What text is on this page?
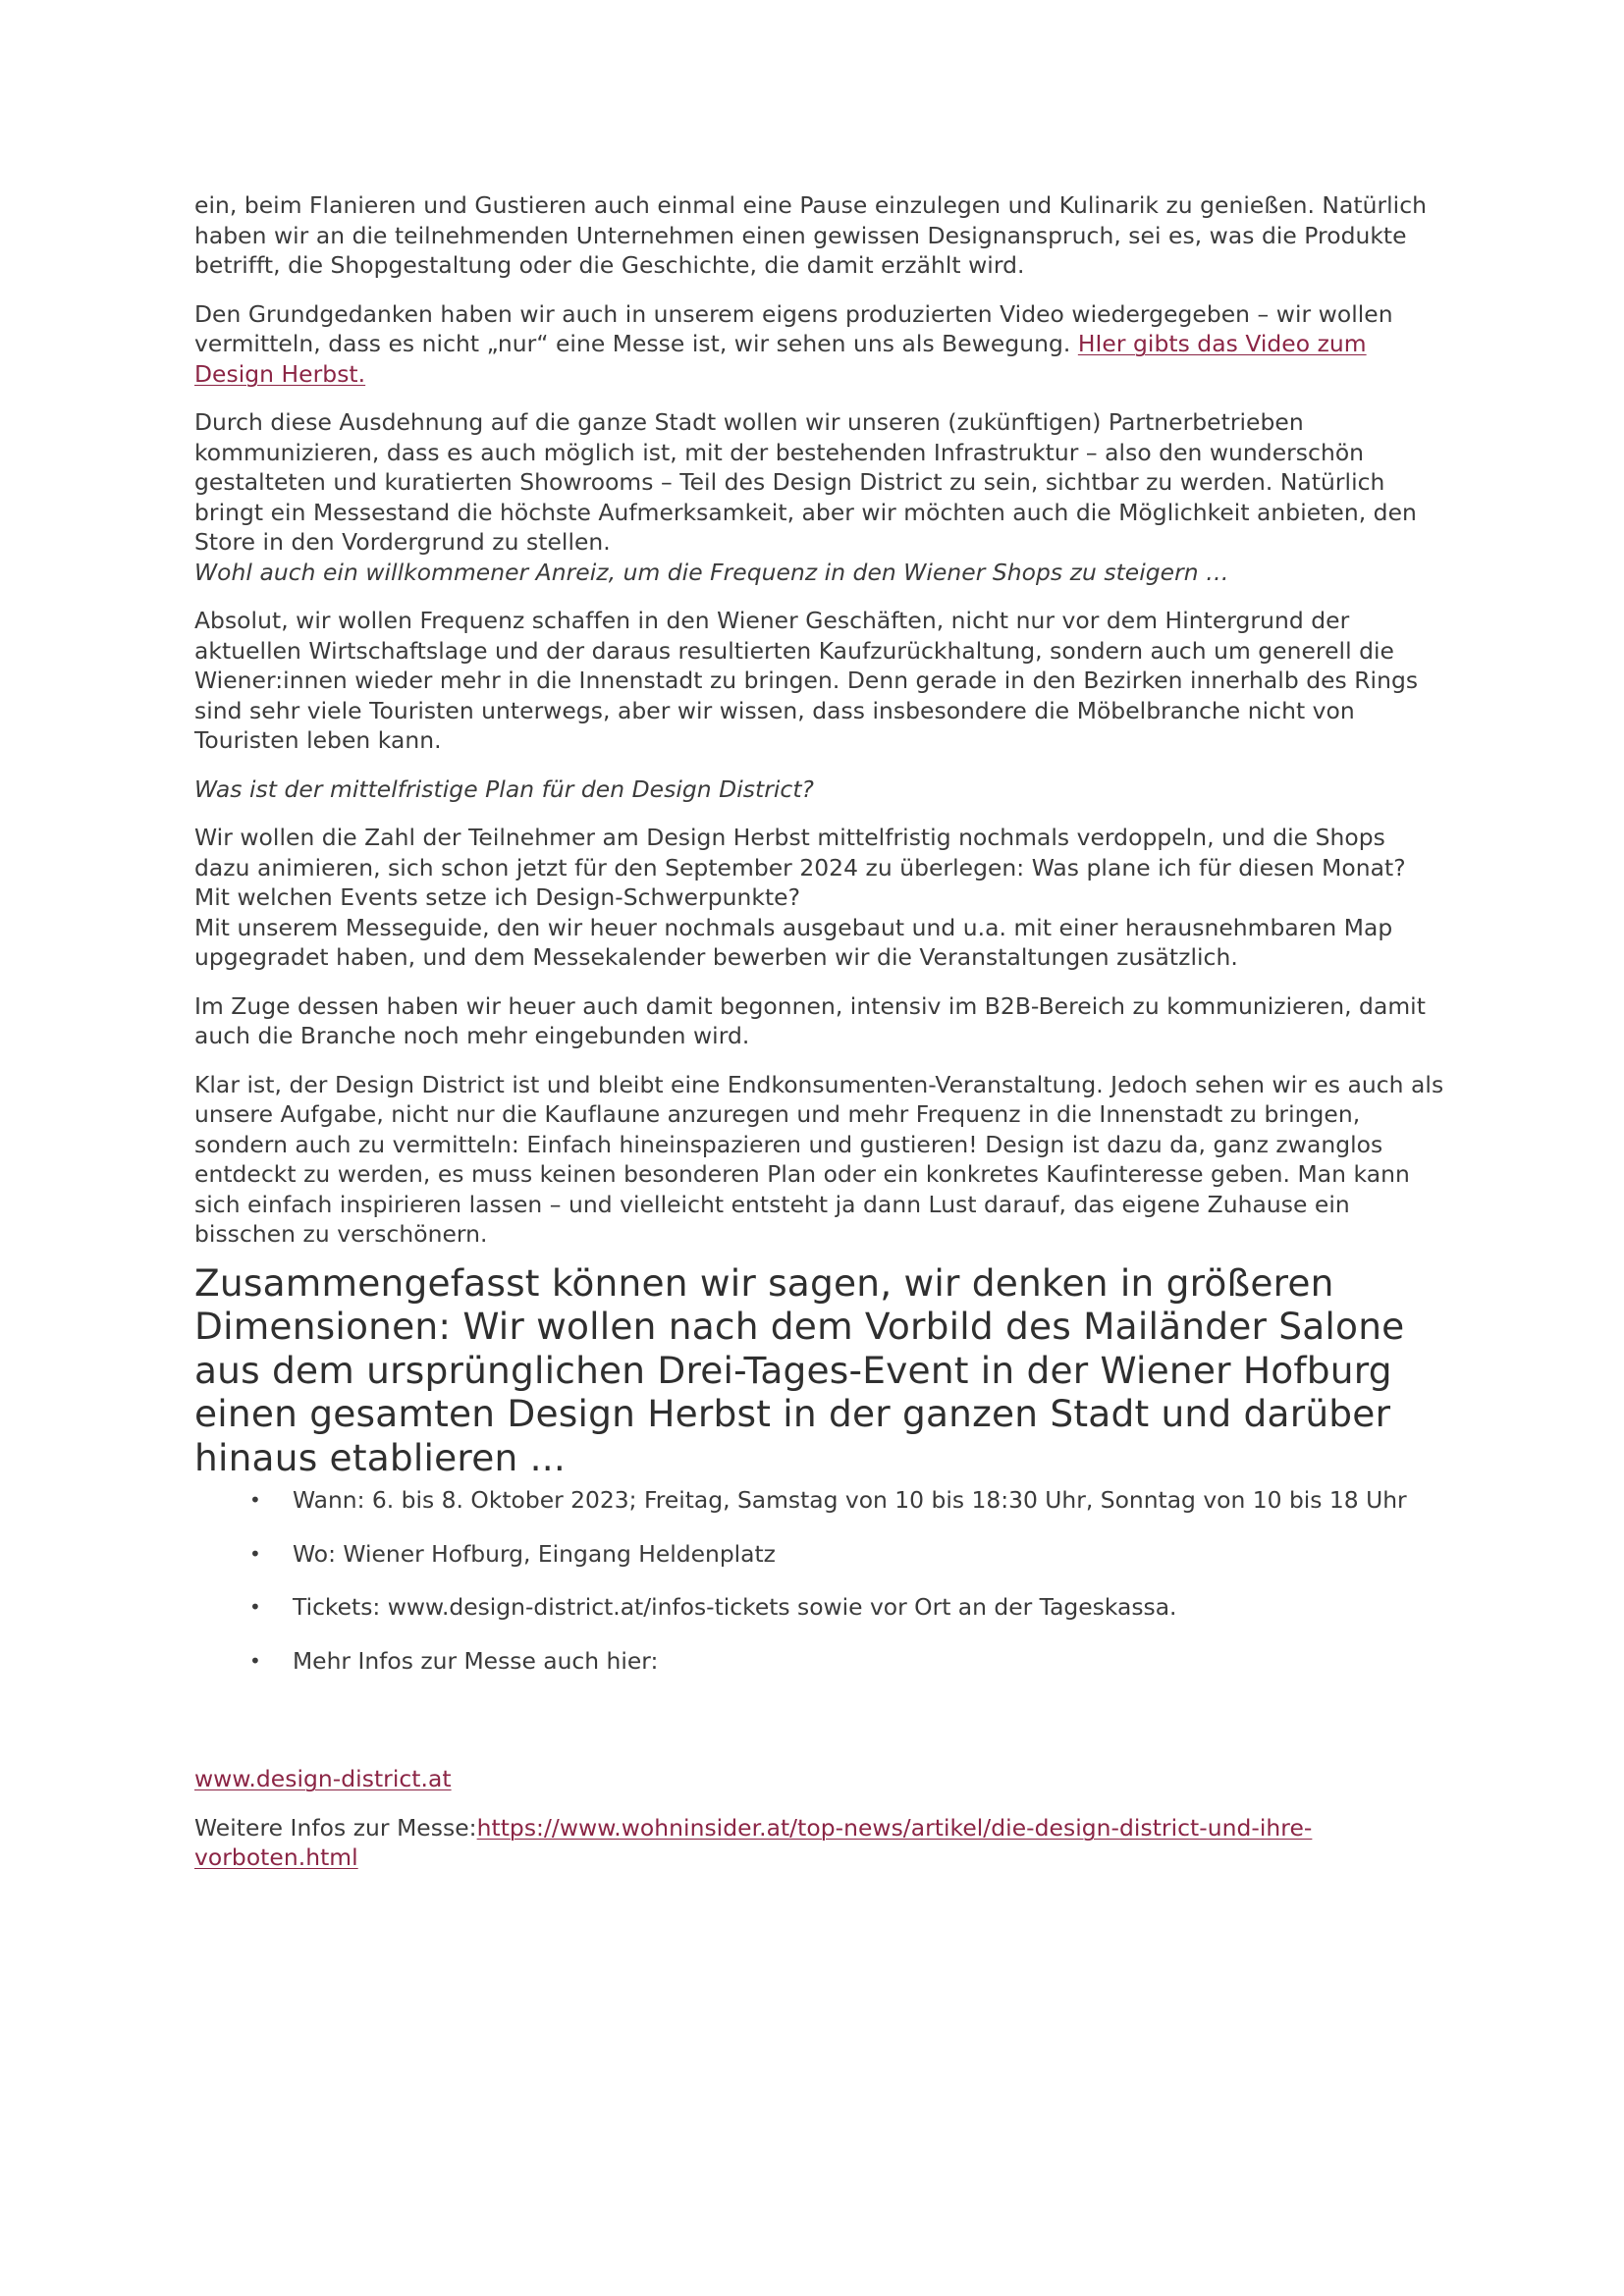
ein, beim Flanieren und Gustieren auch einmal eine Pause einzulegen und Kulinarik zu genießen. Natürlich haben wir an die teilnehmenden Unternehmen einen gewissen Designanspruch, sei es, was die Produkte betrifft, die Shopgestaltung oder die Geschichte, die damit erzählt wird.

Den Grundgedanken haben wir auch in unserem eigens produzierten Video wiedergegeben – wir wollen vermitteln, dass es nicht „nur“ eine Messe ist, wir sehen uns als Bewegung. HIer gibts das Video zum Design Herbst.

Durch diese Ausdehnung auf die ganze Stadt wollen wir unseren (zukünftigen) Partnerbetrieben kommunizieren, dass es auch möglich ist, mit der bestehenden Infrastruktur – also den wunderschön gestalteten und kuratierten Showrooms – Teil des Design District zu sein, sichtbar zu werden. Natürlich bringt ein Messestand die höchste Aufmerksamkeit, aber wir möchten auch die Möglichkeit anbieten, den Store in den Vordergrund zu stellen.

Wohl auch ein willkommener Anreiz, um die Frequenz in den Wiener Shops zu steigern …

Absolut, wir wollen Frequenz schaffen in den Wiener Geschäften, nicht nur vor dem Hintergrund der aktuellen Wirtschaftslage und der daraus resultierten Kaufzurückhaltung, sondern auch um generell die Wiener:innen wieder mehr in die Innenstadt zu bringen. Denn gerade in den Bezirken innerhalb des Rings sind sehr viele Touristen unterwegs, aber wir wissen, dass insbesondere die Möbelbranche nicht von Touristen leben kann.

Was ist der mittelfristige Plan für den Design District?

Wir wollen die Zahl der Teilnehmer am Design Herbst mittelfristig nochmals verdoppeln, und die Shops dazu animieren, sich schon jetzt für den September 2024 zu überlegen: Was plane ich für diesen Monat? Mit welchen Events setze ich Design-Schwerpunkte?

Mit unserem Messeguide, den wir heuer nochmals ausgebaut und u.a. mit einer herausnehmbaren Map upgegradet haben, und dem Messekalender bewerben wir die Veranstaltungen zusätzlich.

Im Zuge dessen haben wir heuer auch damit begonnen, intensiv im B2B-Bereich zu kommunizieren, damit auch die Branche noch mehr eingebunden wird.

Klar ist, der Design District ist und bleibt eine Endkonsumenten-Veranstaltung. Jedoch sehen wir es auch als unsere Aufgabe, nicht nur die Kauflaune anzuregen und mehr Frequenz in die Innenstadt zu bringen, sondern auch zu vermitteln: Einfach hineinspazieren und gustieren! Design ist dazu da, ganz zwanglos entdeckt zu werden, es muss keinen besonderen Plan oder ein konkretes Kaufinteresse geben. Man kann sich einfach inspirieren lassen – und vielleicht entsteht ja dann Lust darauf, das eigene Zuhause ein bisschen zu verschönern.

Zusammengefasst können wir sagen, wir denken in größeren Dimensionen: Wir wollen nach dem Vorbild des Mailänder Salone aus dem ursprünglichen Drei-Tages-Event in der Wiener Hofburg einen gesamten Design Herbst in der ganzen Stadt und darüber hinaus etablieren ...

• Wann: 6. bis 8. Oktober 2023; Freitag, Samstag von 10 bis 18:30 Uhr, Sonntag von 10 bis 18 Uhr
• Wo: Wiener Hofburg, Eingang Heldenplatz
• Tickets: www.design-district.at/infos-tickets sowie vor Ort an der Tageskassa.
• Mehr Infos zur Messe auch hier:

www.design-district.at

Weitere Infos zur Messe:https://www.wohninsider.at/top-news/artikel/die-design-district-und-ihre-vorboten.html
